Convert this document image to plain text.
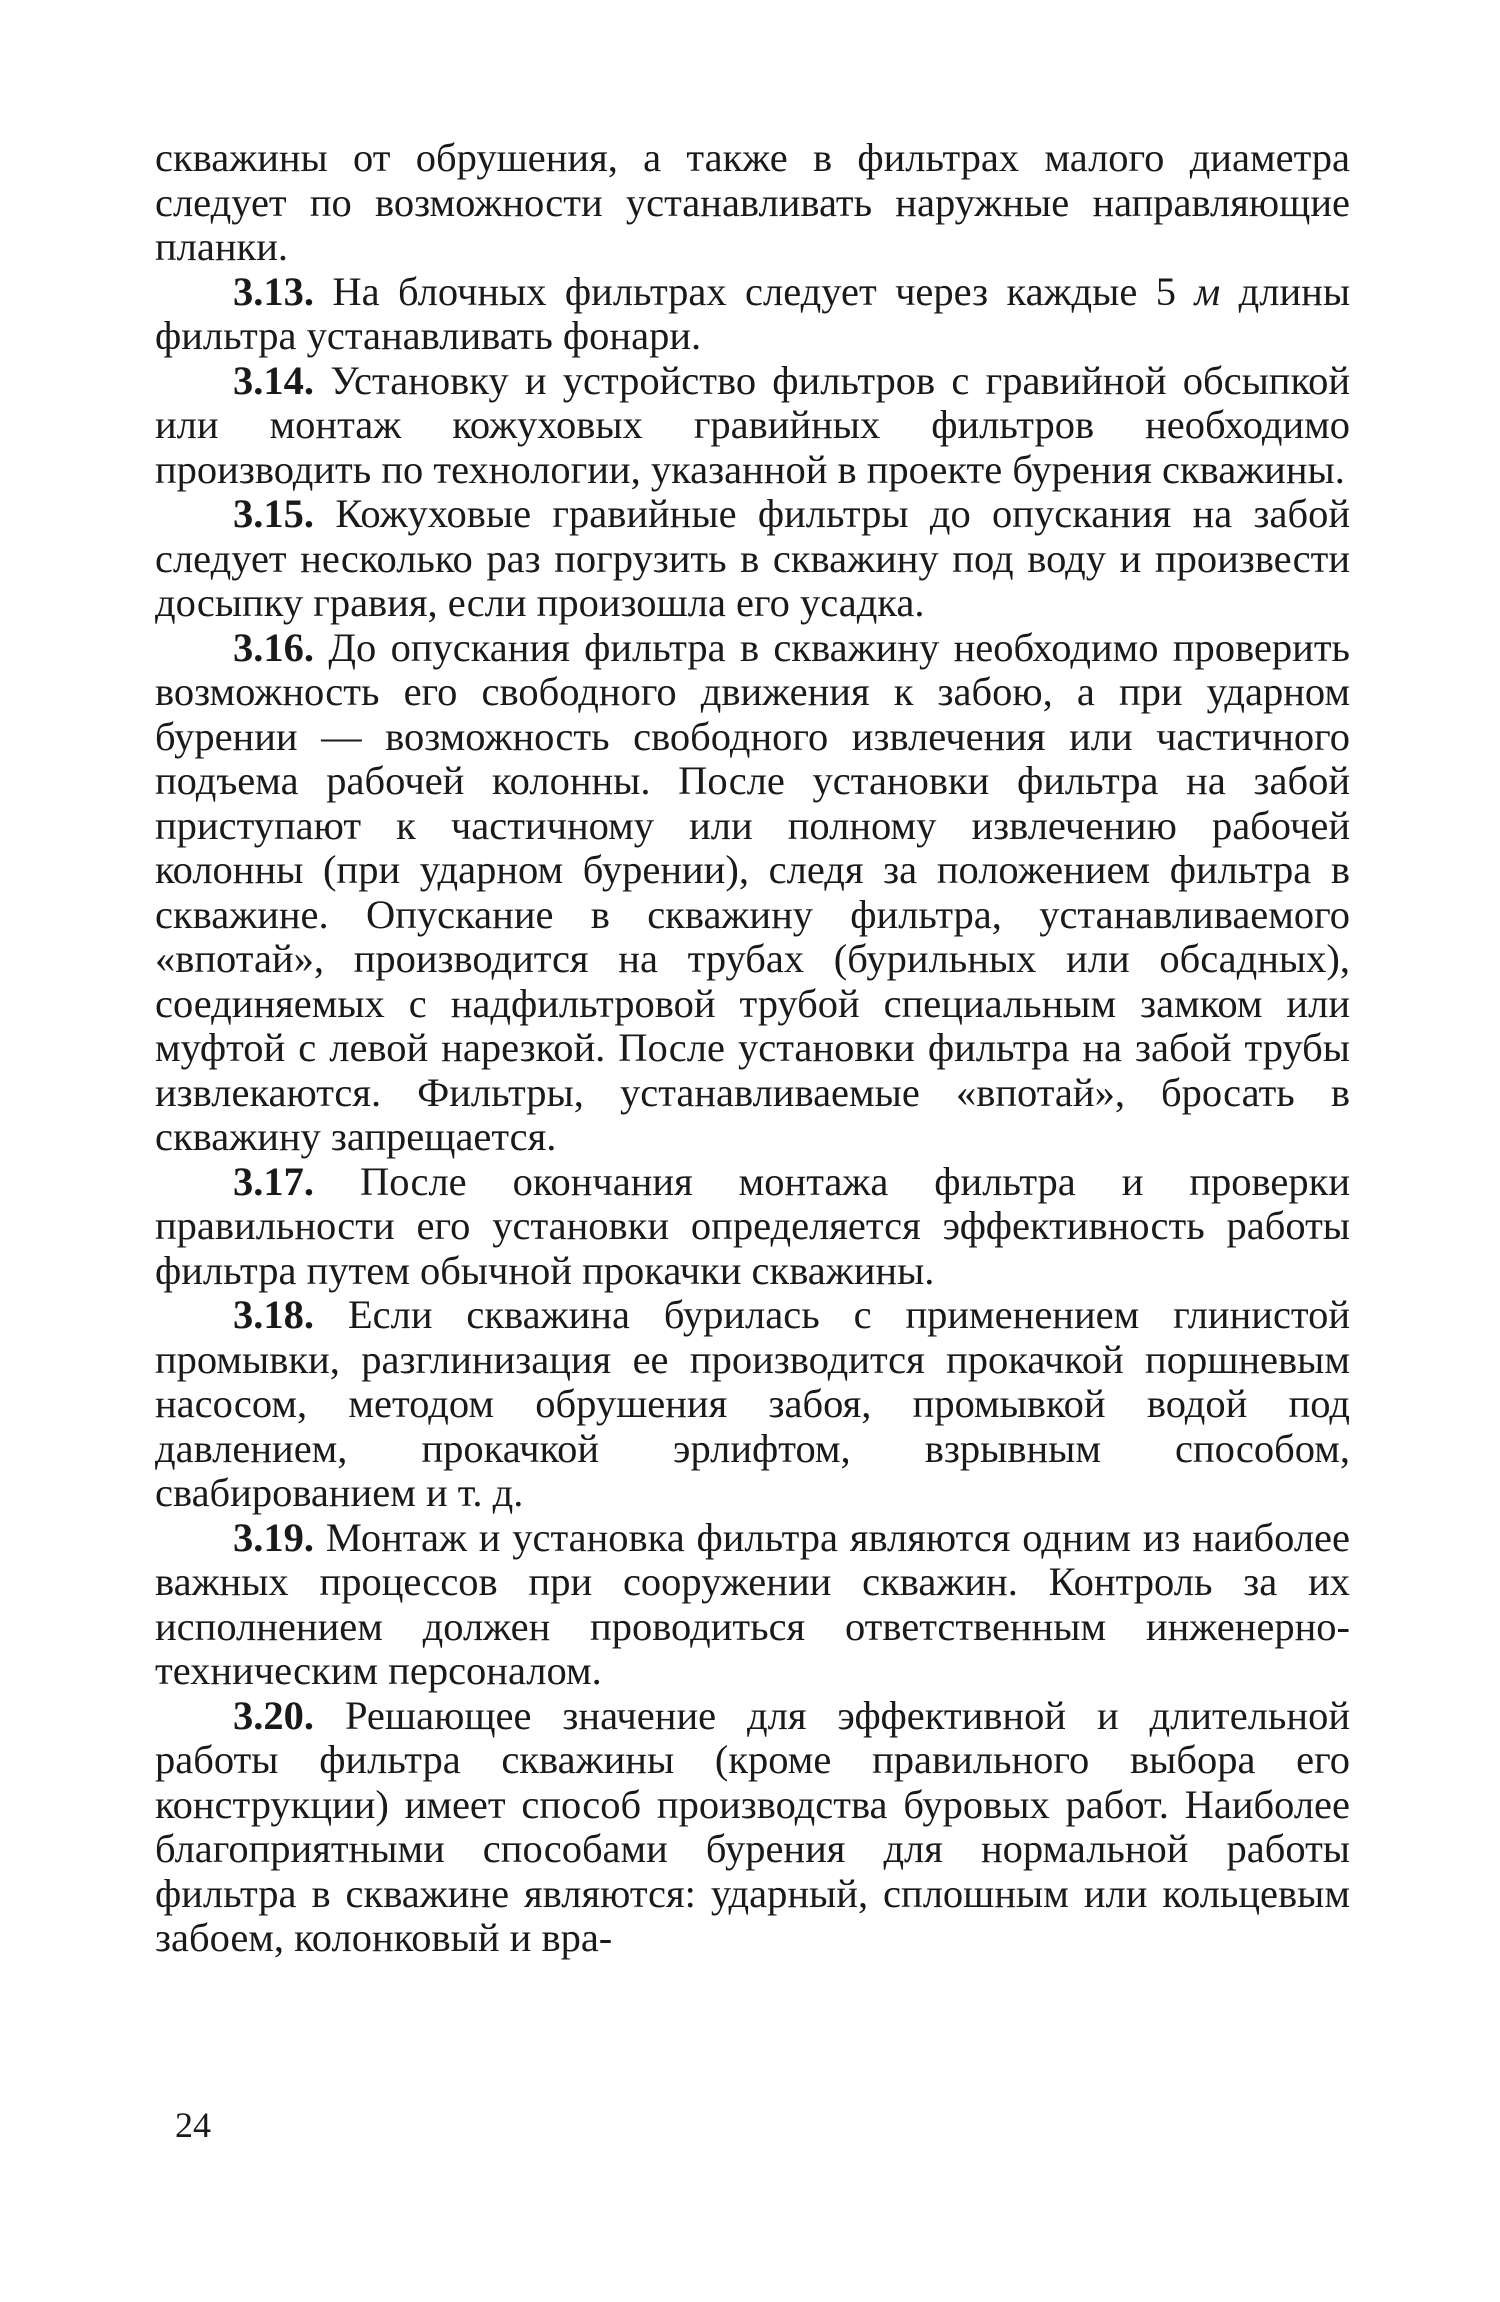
скважины от обрушения, а также в фильтрах малого диаметра следует по возможности устанавливать наружные направляющие планки.

3.13. На блочных фильтрах следует через каждые 5 м длины фильтра устанавливать фонари.

3.14. Установку и устройство фильтров с гравийной обсыпкой или монтаж кожуховых гравийных фильтров необходимо производить по технологии, указанной в проекте бурения скважины.

3.15. Кожуховые гравийные фильтры до опускания на забой следует несколько раз погрузить в скважину под воду и произвести досыпку гравия, если произошла его усадка.

3.16. До опускания фильтра в скважину необходимо проверить возможность его свободного движения к забою, а при ударном бурении — возможность свободного извлечения или частичного подъема рабочей колонны. После установки фильтра на забой приступают к частичному или полному извлечению рабочей колонны (при ударном бурении), следя за положением фильтра в скважине. Опускание в скважину фильтра, устанавливаемого «впотай», производится на трубах (бурильных или обсадных), соединяемых с надфильтровой трубой специальным замком или муфтой с левой нарезкой. После установки фильтра на забой трубы извлекаются. Фильтры, устанавливаемые «впотай», бросать в скважину запрещается.

3.17. После окончания монтажа фильтра и проверки правильности его установки определяется эффективность работы фильтра путем обычной прокачки скважины.

3.18. Если скважина бурилась с применением глинистой промывки, разглинизация ее производится прокачкой поршневым насосом, методом обрушения забоя, промывкой водой под давлением, прокачкой эрлифтом, взрывным способом, свабированием и т. д.

3.19. Монтаж и установка фильтра являются одним из наиболее важных процессов при сооружении скважин. Контроль за их исполнением должен проводиться ответственным инженерно-техническим персоналом.

3.20. Решающее значение для эффективной и длительной работы фильтра скважины (кроме правильного выбора его конструкции) имеет способ производства буровых работ. Наиболее благоприятными способами бурения для нормальной работы фильтра в скважине являются: ударный, сплошным или кольцевым забоем, колонковый и вра-

24
